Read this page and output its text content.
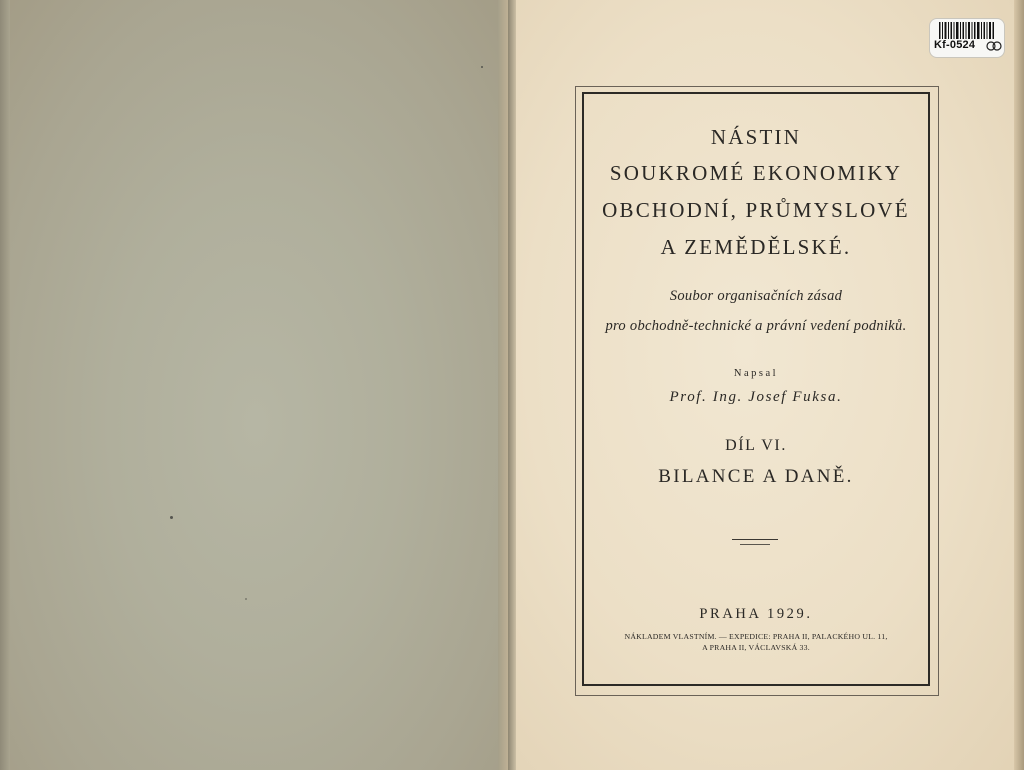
NÁSTIN
SOUKROMÉ EKONOMIKY
OBCHODNÍ, PRŮMYSLOVÉ
A ZEMĚDĚLSKÉ.
Soubor organisačních zásad
pro obchodně-technické a právní vedení podniků.
Napsal
Prof. Ing. Josef Fuksa.
DÍL VI.
BILANCE A DANĚ.
PRAHA 1929.
NÁKLADEM VLASTNÍM. — EXPEDICE: PRAHA II, PALACKÉHO UL. 11,
A PRAHA II, VÁCLAVSKÁ 33.
Kf-0524
